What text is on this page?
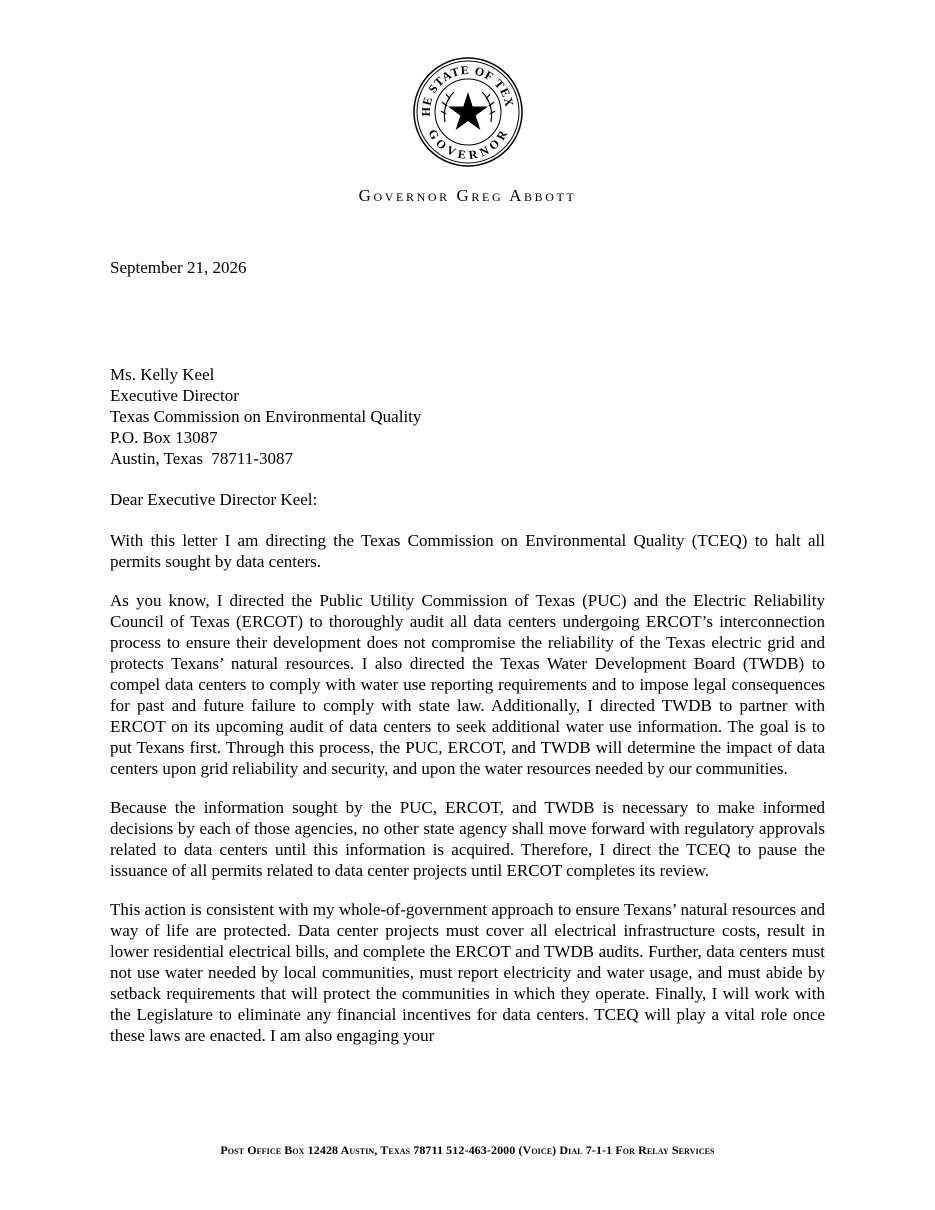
HE STATE OF TEX
GOVERNOR
Governor Greg Abbott
September 21, 2026
Ms. Kelly Keel
Executive Director
Texas Commission on Environmental Quality
P.O. Box 13087
Austin, Texas  78711-3087
Dear Executive Director Keel:

With this letter I am directing the Texas Commission on Environmental Quality (TCEQ) to halt all permits sought by data centers.

As you know, I directed the Public Utility Commission of Texas (PUC) and the Electric Reliability Council of Texas (ERCOT) to thoroughly audit all data centers undergoing ERCOT’s interconnection process to ensure their development does not compromise the reliability of the Texas electric grid and protects Texans’ natural resources. I also directed the Texas Water Development Board (TWDB) to compel data centers to comply with water use reporting requirements and to impose legal consequences for past and future failure to comply with state law. Additionally, I directed TWDB to partner with ERCOT on its upcoming audit of data centers to seek additional water use information. The goal is to put Texans first. Through this process, the PUC, ERCOT, and TWDB will determine the impact of data centers upon grid reliability and security, and upon the water resources needed by our communities.

Because the information sought by the PUC, ERCOT, and TWDB is necessary to make informed decisions by each of those agencies, no other state agency shall move forward with regulatory approvals related to data centers until this information is acquired. Therefore, I direct the TCEQ to pause the issuance of all permits related to data center projects until ERCOT completes its review.

This action is consistent with my whole-of-government approach to ensure Texans’ natural resources and way of life are protected. Data center projects must cover all electrical infrastructure costs, result in lower residential electrical bills, and complete the ERCOT and TWDB audits. Further, data centers must not use water needed by local communities, must report electricity and water usage, and must abide by setback requirements that will protect the communities in which they operate. Finally, I will work with the Legislature to eliminate any financial incentives for data centers. TCEQ will play a vital role once these laws are enacted. I am also engaging your

Post Office Box 12428 Austin, Texas 78711 512-463-2000 (Voice) Dial 7-1-1 For Relay Services
